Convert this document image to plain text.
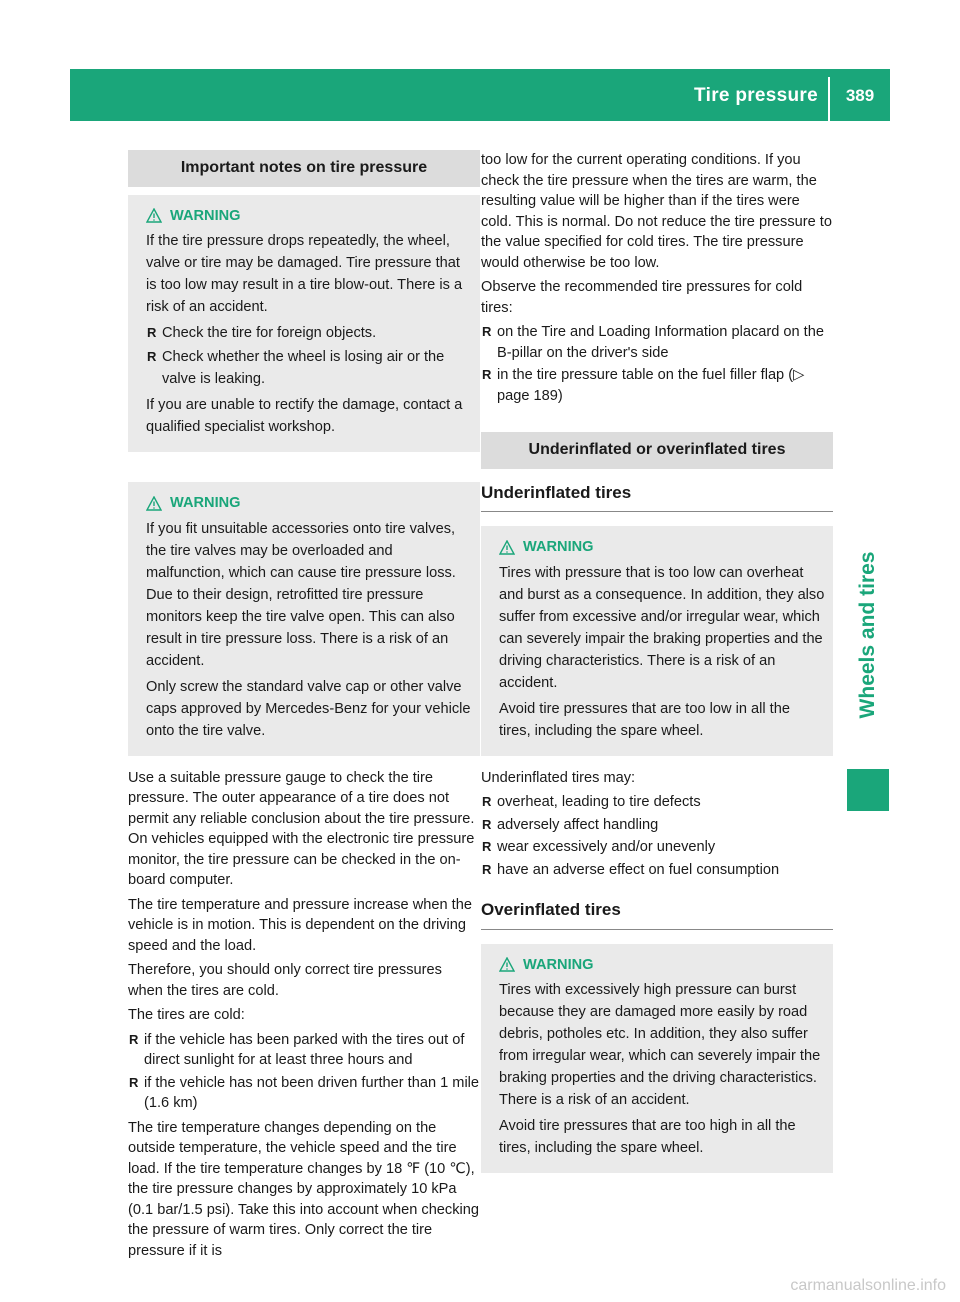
Tire pressure	389
Wheels and tires
Important notes on tire pressure
WARNING

If the tire pressure drops repeatedly, the wheel, valve or tire may be damaged. Tire pressure that is too low may result in a tire blow-out. There is a risk of an accident.

R Check the tire for foreign objects.
R Check whether the wheel is losing air or the valve is leaking.

If you are unable to rectify the damage, contact a qualified specialist workshop.

WARNING

If you fit unsuitable accessories onto tire valves, the tire valves may be overloaded and malfunction, which can cause tire pressure loss. Due to their design, retrofitted tire pressure monitors keep the tire valve open. This can also result in tire pressure loss. There is a risk of an accident.

Only screw the standard valve cap or other valve caps approved by Mercedes-Benz for your vehicle onto the tire valve.

Use a suitable pressure gauge to check the tire pressure. The outer appearance of a tire does not permit any reliable conclusion about the tire pressure. On vehicles equipped with the electronic tire pressure monitor, the tire pressure can be checked in the on-board computer.

The tire temperature and pressure increase when the vehicle is in motion. This is dependent on the driving speed and the load.

Therefore, you should only correct tire pressures when the tires are cold.

The tires are cold:

R if the vehicle has been parked with the tires out of direct sunlight for at least three hours and
R if the vehicle has not been driven further than 1 mile (1.6 km)

The tire temperature changes depending on the outside temperature, the vehicle speed and the tire load. If the tire temperature changes by 18 ℉ (10 ℃), the tire pressure changes by approximately 10 kPa (0.1 bar/1.5 psi). Take this into account when checking the pressure of warm tires. Only correct the tire pressure if it is

too low for the current operating conditions. If you check the tire pressure when the tires are warm, the resulting value will be higher than if the tires were cold. This is normal. Do not reduce the tire pressure to the value specified for cold tires. The tire pressure would otherwise be too low.

Observe the recommended tire pressures for cold tires:

R on the Tire and Loading Information placard on the B-pillar on the driver's side
R in the tire pressure table on the fuel filler flap (▷ page 189)
Underinflated or overinflated tires
Underinflated tires
WARNING

Tires with pressure that is too low can overheat and burst as a consequence. In addition, they also suffer from excessive and/or irregular wear, which can severely impair the braking properties and the driving characteristics. There is a risk of an accident.

Avoid tire pressures that are too low in all the tires, including the spare wheel.

Underinflated tires may:

R overheat, leading to tire defects
R adversely affect handling
R wear excessively and/or unevenly
R have an adverse effect on fuel consumption
Overinflated tires
WARNING

Tires with excessively high pressure can burst because they are damaged more easily by road debris, potholes etc. In addition, they also suffer from irregular wear, which can severely impair the braking properties and the driving characteristics. There is a risk of an accident.

Avoid tire pressures that are too high in all the tires, including the spare wheel.

carmanualsonline.info
